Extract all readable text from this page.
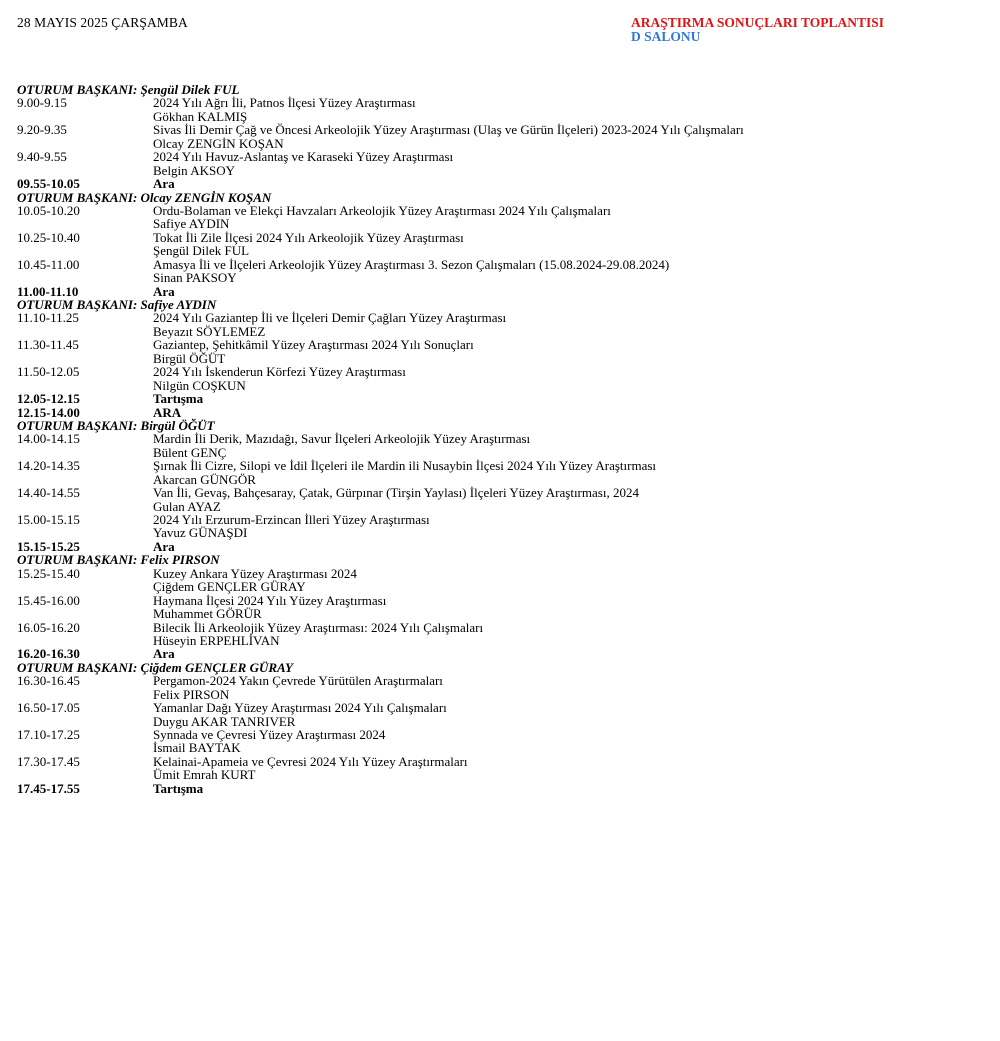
28 MAYIS 2025 ÇARŞAMBA	ARAŞTIRMA SONUÇLARI TOPLANTISI
D SALONU
OTURUM BAŞKANI: Şengül Dilek FUL
9.00-9.15	2024 Yılı Ağrı İli, Patnos İlçesi Yüzey Araştırması
Gökhan KALMIŞ
9.20-9.35	Sivas İli Demir Çağ ve Öncesi Arkeolojik Yüzey Araştırması (Ulaş ve Gürün İlçeleri) 2023-2024 Yılı Çalışmaları
Olcay ZENGİN KOŞAN
9.40-9.55	2024 Yılı Havuz-Aslantaş ve Karaseki Yüzey Araştırması
Belgin AKSOY
09.55-10.05	Ara
OTURUM BAŞKANI: Olcay ZENGİN KOŞAN
10.05-10.20	Ordu-Bolaman ve Elekçi Havzaları Arkeolojik Yüzey Araştırması 2024 Yılı Çalışmaları
Safiye AYDIN
10.25-10.40	Tokat İli Zile İlçesi 2024 Yılı Arkeolojik Yüzey Araştırması
Şengül Dilek FUL
10.45-11.00	Amasya İli ve İlçeleri Arkeolojik Yüzey Araştırması 3. Sezon Çalışmaları (15.08.2024-29.08.2024)
Sinan PAKSOY
11.00-11.10	Ara
OTURUM BAŞKANI: Safiye AYDIN
11.10-11.25	2024 Yılı Gaziantep İli ve İlçeleri Demir Çağları Yüzey Araştırması
Beyazıt SÖYLEMEZ
11.30-11.45	Gaziantep, Şehitkâmil Yüzey Araştırması 2024 Yılı Sonuçları
Birgül ÖĞÜT
11.50-12.05	2024 Yılı İskenderun Körfezi Yüzey Araştırması
Nilgün COŞKUN
12.05-12.15	Tartışma
12.15-14.00	ARA
OTURUM BAŞKANI: Birgül ÖĞÜT
14.00-14.15	Mardin İli Derik, Mazıdağı, Savur İlçeleri Arkeolojik Yüzey Araştırması
Bülent GENÇ
14.20-14.35	Şırnak İli Cizre, Silopi ve İdil İlçeleri ile Mardin ili Nusaybin İlçesi 2024 Yılı Yüzey Araştırması
Akarcan GÜNGÖR
14.40-14.55	Van İli, Gevaş, Bahçesaray, Çatak, Gürpınar (Tirşin Yaylası) İlçeleri Yüzey Araştırması, 2024
Gulan AYAZ
15.00-15.15	2024 Yılı Erzurum-Erzincan İlleri Yüzey Araştırması
Yavuz GÜNAŞDI
15.15-15.25	Ara
OTURUM BAŞKANI: Felix PIRSON
15.25-15.40	Kuzey Ankara Yüzey Araştırması 2024
Çiğdem GENÇLER GÜRAY
15.45-16.00	Haymana İlçesi 2024 Yılı Yüzey Araştırması
Muhammet GÖRÜR
16.05-16.20	Bilecik İli Arkeolojik Yüzey Araştırması: 2024 Yılı Çalışmaları
Hüseyin ERPEHLİVAN
16.20-16.30	Ara
OTURUM BAŞKANI: Çiğdem GENÇLER GÜRAY
16.30-16.45	Pergamon-2024 Yakın Çevrede Yürütülen Araştırmaları
Felix PIRSON
16.50-17.05	Yamanlar Dağı Yüzey Araştırması 2024 Yılı Çalışmaları
Duygu AKAR TANRIVER
17.10-17.25	Synnada ve Çevresi Yüzey Araştırması 2024
İsmail BAYTAK
17.30-17.45	Kelainai-Apameia ve Çevresi 2024 Yılı Yüzey Araştırmaları
Ümit Emrah KURT
17.45-17.55	Tartışma
